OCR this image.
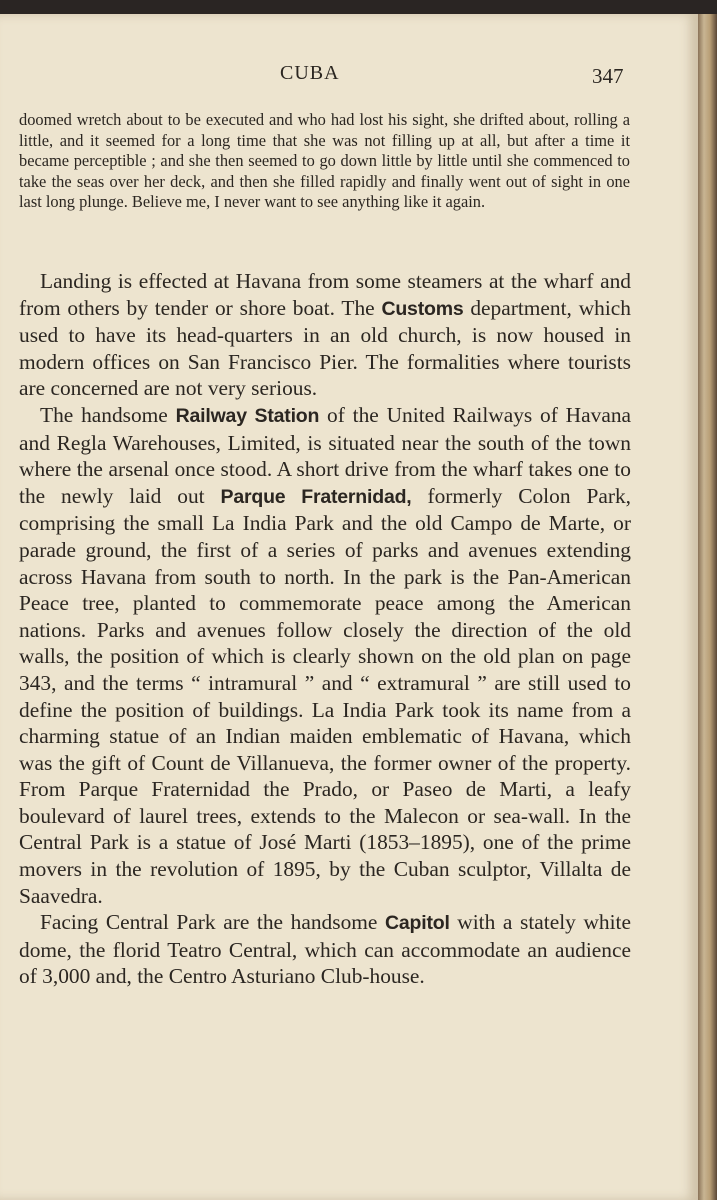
CUBA	347
doomed wretch about to be executed and who had lost his sight, she drifted about, rolling a little, and it seemed for a long time that she was not filling up at all, but after a time it became perceptible ; and she then seemed to go down little by little until she commenced to take the seas over her deck, and then she filled rapidly and finally went out of sight in one last long plunge. Believe me, I never want to see anything like it again.

Landing is effected at Havana from some steamers at the wharf and from others by tender or shore boat. The Customs department, which used to have its head-quarters in an old church, is now housed in modern offices on San Francisco Pier. The formalities where tourists are concerned are not very serious.

The handsome Railway Station of the United Railways of Havana and Regla Warehouses, Limited, is situated near the south of the town where the arsenal once stood. A short drive from the wharf takes one to the newly laid out Parque Fraternidad, formerly Colon Park, comprising the small La India Park and the old Campo de Marte, or parade ground, the first of a series of parks and avenues extending across Havana from south to north. In the park is the Pan-American Peace tree, planted to commemorate peace among the American nations. Parks and avenues follow closely the direction of the old walls, the position of which is clearly shown on the old plan on page 343, and the terms “ intramural ” and “ extramural ” are still used to define the position of buildings. La India Park took its name from a charming statue of an Indian maiden emblematic of Havana, which was the gift of Count de Villanueva, the former owner of the property. From Parque Fraternidad the Prado, or Paseo de Marti, a leafy boulevard of laurel trees, extends to the Malecon or sea-wall. In the Central Park is a statue of José Marti (1853–1895), one of the prime movers in the revolution of 1895, by the Cuban sculptor, Villalta de Saavedra.

Facing Central Park are the handsome Capitol with a stately white dome, the florid Teatro Central, which can accommodate an audience of 3,000 and, the Centro Asturiano Club-house.
